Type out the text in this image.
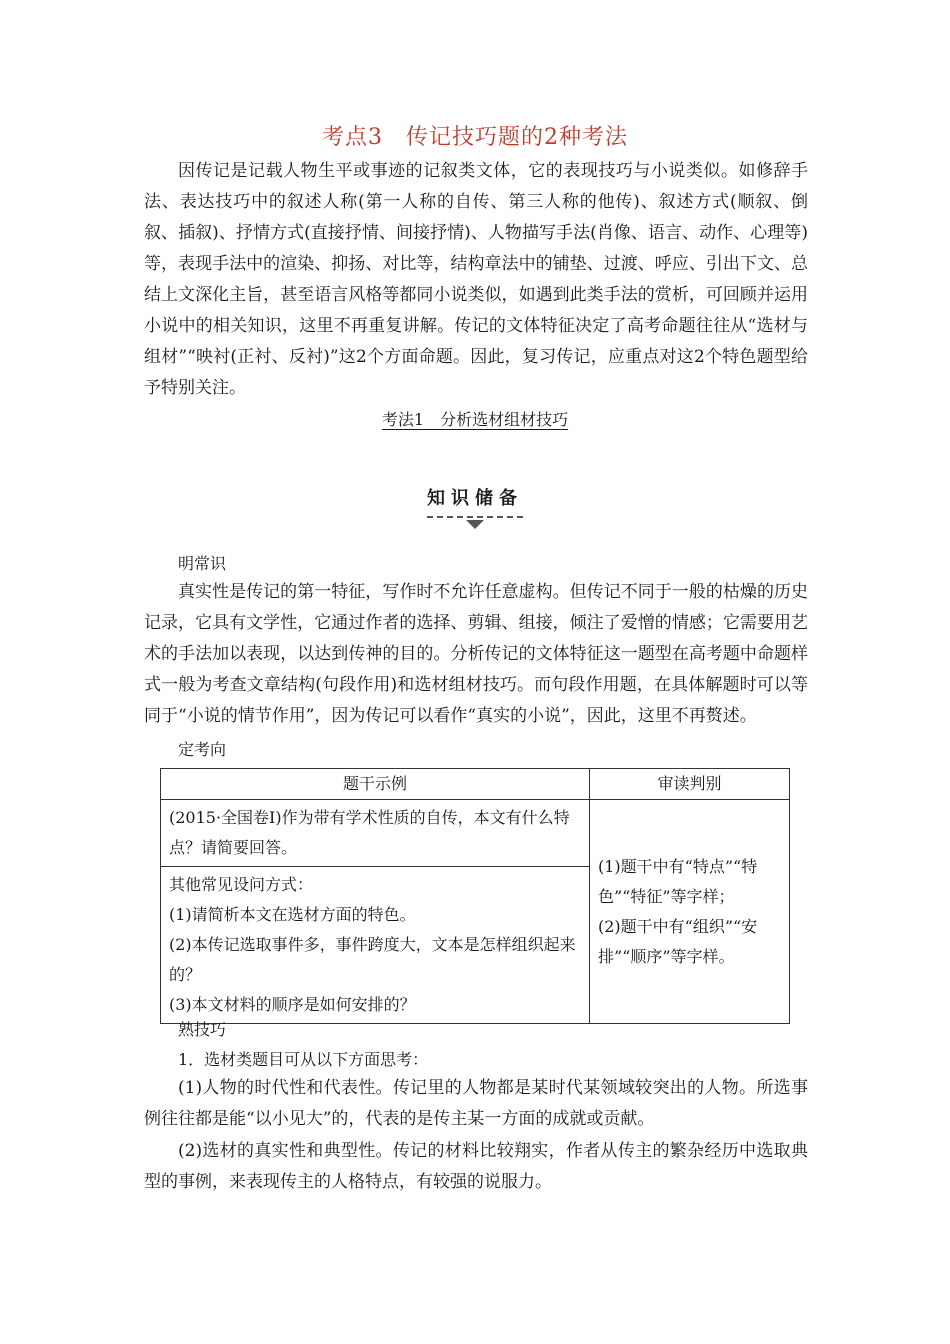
考点3　传记技巧题的2种考法

因传记是记载人物生平或事迹的记叙类文体，它的表现技巧与小说类似。如修辞手法、表达技巧中的叙述人称(第一人称的自传、第三人称的他传)、叙述方式(顺叙、倒叙、插叙)、抒情方式(直接抒情、间接抒情)、人物描写手法(肖像、语言、动作、心理等)等，表现手法中的渲染、抑扬、对比等，结构章法中的铺垫、过渡、呼应、引出下文、总结上文深化主旨，甚至语言风格等都同小说类似，如遇到此类手法的赏析，可回顾并运用小说中的相关知识，这里不再重复讲解。传记的文体特征决定了高考命题往往从“选材与组材”“映衬(正衬、反衬)”这2个方面命题。因此，复习传记，应重点对这2个特色题型给予特别关注。

考法1　分析选材组材技巧
知识储备
明常识

真实性是传记的第一特征，写作时不允许任意虚构。但传记不同于一般的枯燥的历史记录，它具有文学性，它通过作者的选择、剪辑、组接，倾注了爱憎的情感；它需要用艺术的手法加以表现，以达到传神的目的。分析传记的文体特征这一题型在高考题中命题样式一般为考查文章结构(句段作用)和选材组材技巧。而句段作用题，在具体解题时可以等同于“小说的情节作用”，因为传记可以看作“真实的小说”，因此，这里不再赘述。

定考向
题干示例	审读判别

(2015·全国卷Ⅰ)作为带有学术性质的自传，本文有什么特点？请简要回答。	(1)题干中有“特点”“特色”“特征”等字样；
(2)题干中有“组织”“安排”“顺序”等字样。

其他常见设问方式：
(1)请简析本文在选材方面的特色。
(2)本传记选取事件多，事件跨度大，文本是怎样组织起来的？
(3)本文材料的顺序是如何安排的？	
熟技巧
1．选材类题目可从以下方面思考：

(1)人物的时代性和代表性。传记里的人物都是某时代某领域较突出的人物。所选事例往往都是能“以小见大”的，代表的是传主某一方面的成就或贡献。

(2)选材的真实性和典型性。传记的材料比较翔实，作者从传主的繁杂经历中选取典型的事例，来表现传主的人格特点，有较强的说服力。
